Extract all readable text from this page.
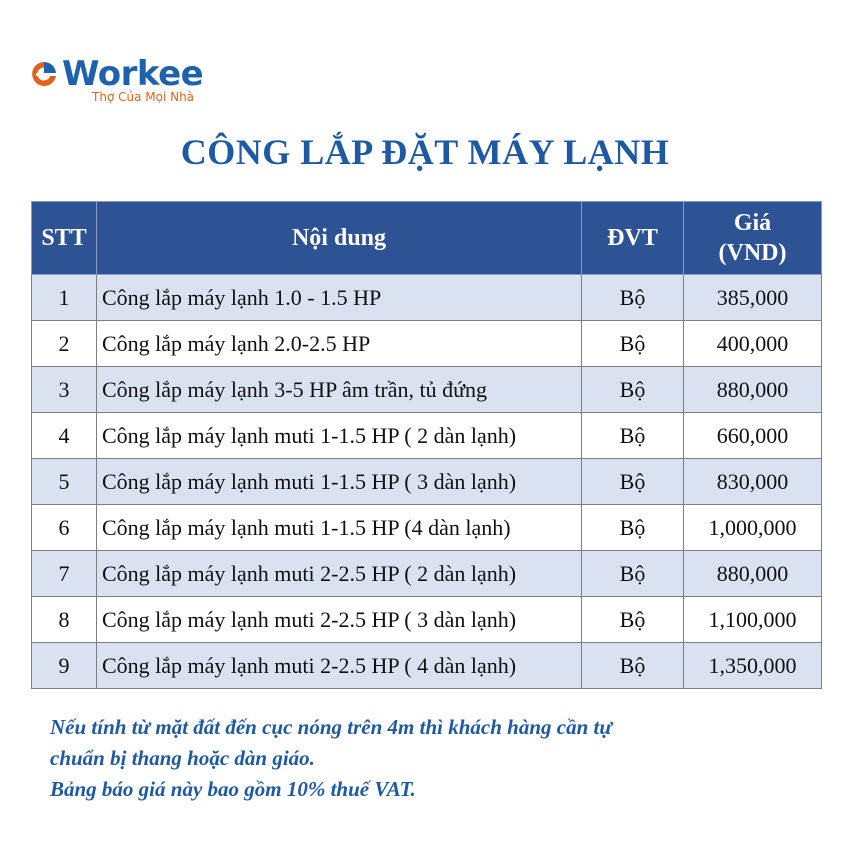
Workee
Thợ Của Mọi Nhà
CÔNG LẮP ĐẶT MÁY LẠNH
STT	Nội dung	ĐVT	Giá
(VND)

1	Công lắp máy lạnh 1.0 - 1.5 HP	Bộ	385,000
2	Công lắp máy lạnh 2.0-2.5 HP	Bộ	400,000
3	Công lắp máy lạnh 3-5 HP âm trần, tủ đứng	Bộ	880,000
4	Công lắp máy lạnh muti 1-1.5 HP ( 2 dàn lạnh)	Bộ	660,000
5	Công lắp máy lạnh muti 1-1.5 HP ( 3 dàn lạnh)	Bộ	830,000
6	Công lắp máy lạnh muti 1-1.5 HP (4 dàn lạnh)	Bộ	1,000,000
7	Công lắp máy lạnh muti 2-2.5 HP ( 2 dàn lạnh)	Bộ	880,000
8	Công lắp máy lạnh muti 2-2.5 HP ( 3 dàn lạnh)	Bộ	1,100,000
9	Công lắp máy lạnh muti 2-2.5 HP ( 4 dàn lạnh)	Bộ	1,350,000
Nếu tính từ mặt đất đến cục nóng trên 4m thì khách hàng cần tự
chuẩn bị thang hoặc dàn giáo.
Bảng báo giá này bao gồm 10% thuế VAT.
